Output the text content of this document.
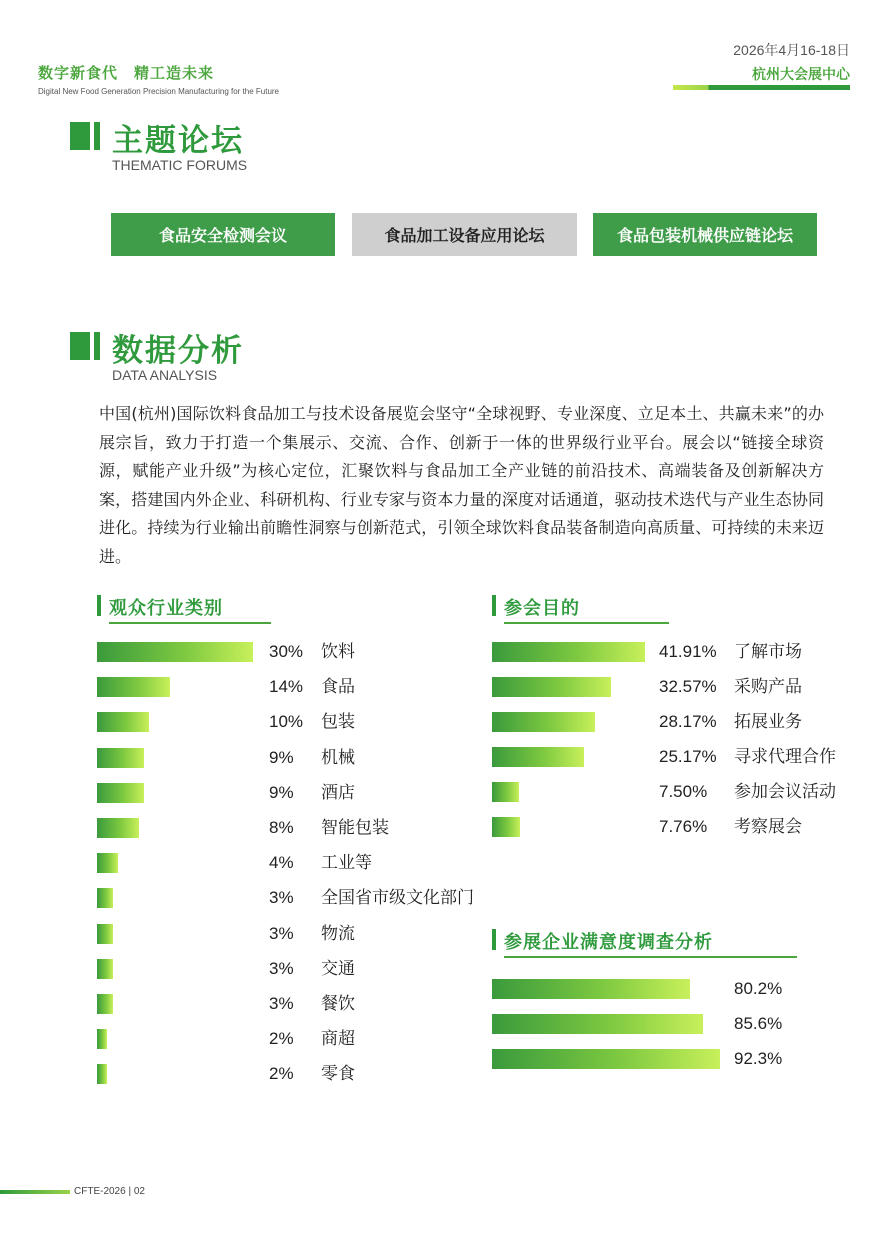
数字新食代 精工造未来
Digital New Food Generation Precision Manufacturing for the Future
2026年4月16-18日
杭州大会展中心
主题论坛
THEMATIC FORUMS
食品安全检测会议	食品加工设备应用论坛	食品包装机械供应链论坛
数据分析
DATA ANALYSIS
中国(杭州)国际饮料食品加工与技术设备展览会坚守“全球视野、专业深度、立足本土、共赢未来”的办展宗旨，致力于打造一个集展示、交流、合作、创新于一体的世界级行业平台。展会以“链接全球资源，赋能产业升级”为核心定位，汇聚饮料与食品加工全产业链的前沿技术、高端装备及创新解决方案，搭建国内外企业、科研机构、行业专家与资本力量的深度对话通道，驱动技术迭代与产业生态协同进化。持续为行业输出前瞻性洞察与创新范式，引领全球饮料食品装备制造向高质量、可持续的未来迈进。
观众行业类别	参会目的
参展企业满意度调查分析
30% 饮料
14% 食品
10% 包装
9% 机械
9% 酒店
8% 智能包装
4% 工业等
3% 全国省市级文化部门
3% 物流
3% 交通
3% 餐饮
2% 商超
2% 零食
41.91% 了解市场
32.57% 采购产品
28.17% 拓展业务
25.17% 寻求代理合作
7.50% 参加会议活动
7.76% 考察展会
80.2%
85.6%
92.3%
CFTE-2026 | 02
